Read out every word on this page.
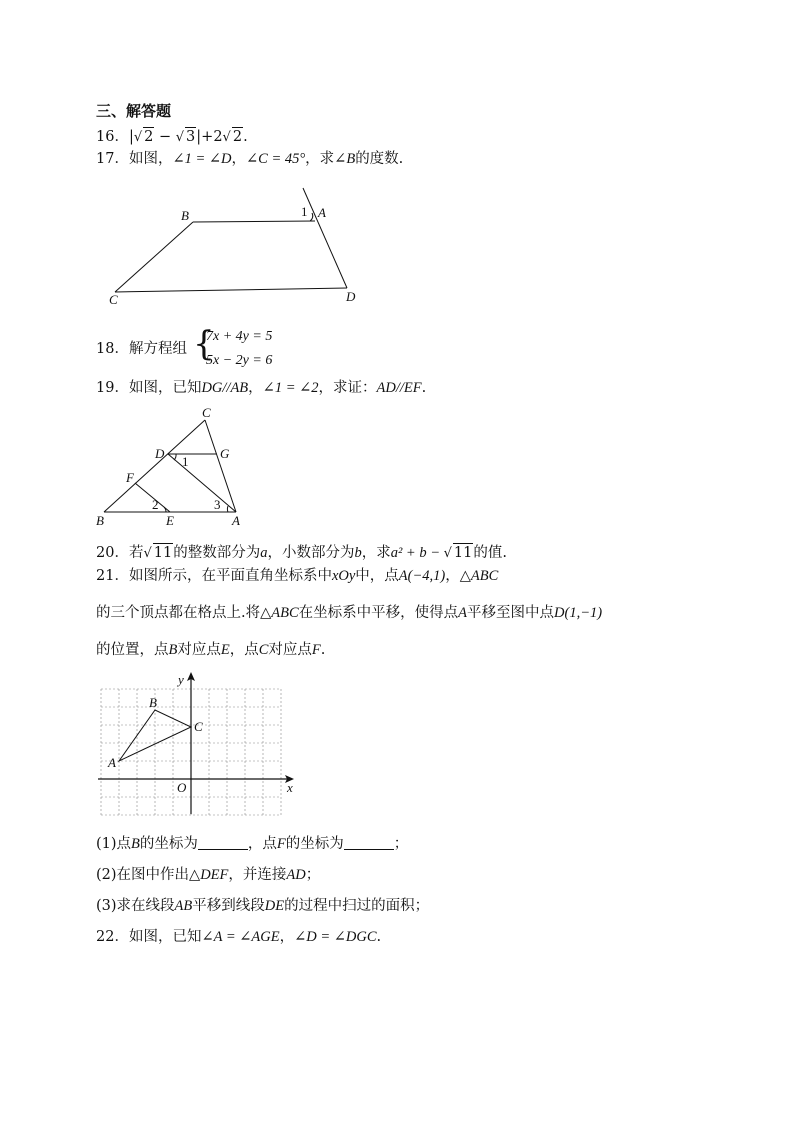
三、解答题
16．|√ 2 − √ 3|+2√ 2.
17．如图，∠1 = ∠D，∠C = 45°，求∠B的度数.
B	A
1
C	D
18．解方程组 {
7x + 4y = 5
5x − 2y = 6
19．如图，已知DG//AB，∠1 = ∠2，求证：AD//EF.
C
D	G
1
F
2	3
B	E	A
20．若√ 11的整数部分为a，小数部分为b，求a² + b − √ 11的值.
21．如图所示，在平面直角坐标系中xOy中，点A(−4,1)，△ABC
的三个顶点都在格点上.将△ABC在坐标系中平移，使得点A平移至图中点D(1,−1)
的位置，点B对应点E，点C对应点F.
y
x
O
A
B
C
(1)点B的坐标为	，点F的坐标为	；
(2)在图中作出△DEF，并连接AD；
(3)求在线段AB平移到线段DE的过程中扫过的面积；
22．如图，已知∠A = ∠AGE，∠D = ∠DGC.
